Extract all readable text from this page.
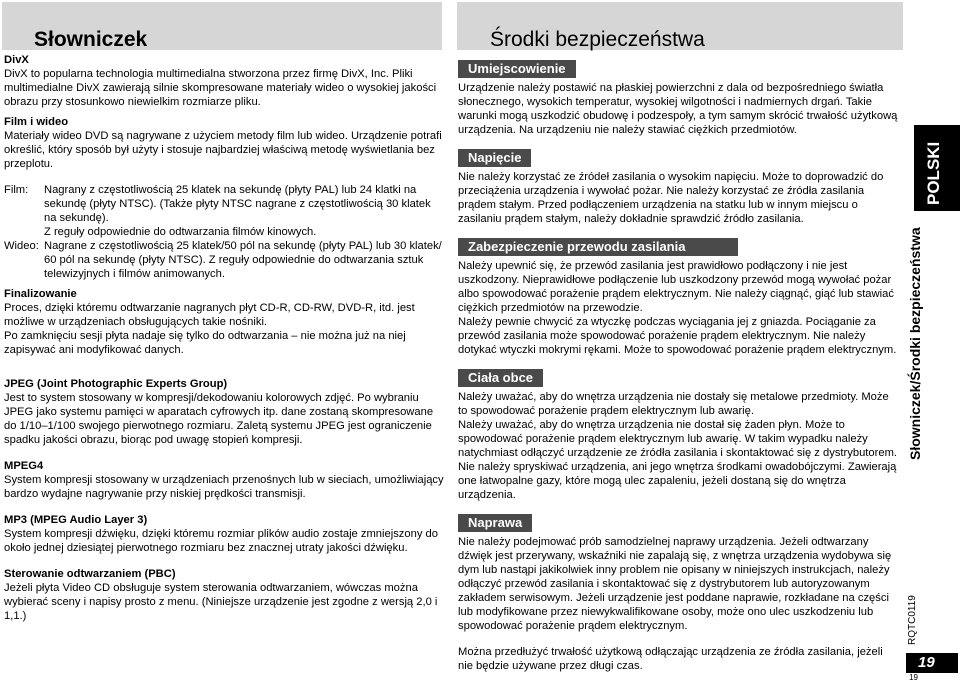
Słowniczek	Środki bezpieczeństwa

DivX

DivX to popularna technologia multimedialna stworzona przez firmę DivX, Inc. Pliki multimedialne DivX zawierają silnie skompresowane materiały wideo o wysokiej jakości obrazu przy stosunkowo niewielkim rozmiarze pliku.

Film i wideo

Materiały wideo DVD są nagrywane z użyciem metody film lub wideo. Urządzenie potrafi określić, który sposób był użyty i stosuje najbardziej właściwą metodę wyświetlania bez przeplotu.

Film:	Nagrany z częstotliwością 25 klatek na sekundę (płyty PAL) lub 24 klatki na sekundę (płyty NTSC). (Także płyty NTSC nagrane z częstotliwością 30 klatek na sekundę).
Z reguły odpowiednie do odtwarzania filmów kinowych.
Wideo: Nagrane z częstotliwością 25 klatek/50 pól na sekundę (płyty PAL) lub 30 klatek/ 60 pól na sekundę (płyty NTSC). Z reguły odpowiednie do odtwarzania sztuk telewizyjnych i filmów animowanych.

Finalizowanie

Proces, dzięki któremu odtwarzanie nagranych płyt CD-R, CD-RW, DVD-R, itd. jest możliwe w urządzeniach obsługujących takie nośniki.

Po zamknięciu sesji płyta nadaje się tylko do odtwarzania – nie można już na niej zapisywać ani modyfikować danych.

JPEG (Joint Photographic Experts Group)

Jest to system stosowany w kompresji/dekodowaniu kolorowych zdjęć. Po wybraniu JPEG jako systemu pamięci w aparatach cyfrowych itp. dane zostaną skompresowane do 1/10–1/100 swojego pierwotnego rozmiaru. Zaletą systemu JPEG jest ograniczenie spadku jakości obrazu, biorąc pod uwagę stopień kompresji.

MPEG4

System kompresji stosowany w urządzeniach przenośnych lub w sieciach, umożliwiający bardzo wydajne nagrywanie przy niskiej prędkości transmisji.

MP3 (MPEG Audio Layer 3)

System kompresji dźwięku, dzięki któremu rozmiar plików audio zostaje zmniejszony do około jednej dziesiątej pierwotnego rozmiaru bez znacznej utraty jakości dźwięku.

Sterowanie odtwarzaniem (PBC)

Jeżeli płyta Video CD obsługuje system sterowania odtwarzaniem, wówczas można wybierać sceny i napisy prosto z menu. (Niniejsze urządzenie jest zgodne z wersją 2,0 i 1,1.)

Umiejscowienie

Urządzenie należy postawić na płaskiej powierzchni z dala od bezpośredniego światła słonecznego, wysokich temperatur, wysokiej wilgotności i nadmiernych drgań. Takie warunki mogą uszkodzić obudowę i podzespoły, a tym samym skrócić trwałość użytkową urządzenia. Na urządzeniu nie należy stawiać ciężkich przedmiotów.

Napięcie

Nie należy korzystać ze źródeł zasilania o wysokim napięciu. Może to doprowadzić do przeciążenia urządzenia i wywołać pożar. Nie należy korzystać ze źródła zasilania prądem stałym. Przed podłączeniem urządzenia na statku lub w innym miejscu o zasilaniu prądem stałym, należy dokładnie sprawdzić źródło zasilania.

Zabezpieczenie przewodu zasilania

Należy upewnić się, że przewód zasilania jest prawidłowo podłączony i nie jest uszkodzony. Nieprawidłowe podłączenie lub uszkodzony przewód mogą wywołać pożar albo spowodować porażenie prądem elektrycznym. Nie należy ciągnąć, giąć lub stawiać ciężkich przedmiotów na przewodzie.

Należy pewnie chwycić za wtyczkę podczas wyciągania jej z gniazda. Pociąganie za przewód zasilania może spowodować porażenie prądem elektrycznym. Nie należy dotykać wtyczki mokrymi rękami. Może to spowodować porażenie prądem elektrycznym.

Ciała obce

Należy uważać, aby do wnętrza urządzenia nie dostały się metalowe przedmioty. Może to spowodować porażenie prądem elektrycznym lub awarię.

Należy uważać, aby do wnętrza urządzenia nie dostał się żaden płyn. Może to spowodować porażenie prądem elektrycznym lub awarię. W takim wypadku należy natychmiast odłączyć urządzenie ze źródła zasilania i skontaktować się z dystrybutorem. Nie należy spryskiwać urządzenia, ani jego wnętrza środkami owadobójczymi. Zawierają one łatwopalne gazy, które mogą ulec zapaleniu, jeżeli dostaną się do wnętrza urządzenia.

Naprawa

Nie należy podejmować prób samodzielnej naprawy urządzenia. Jeżeli odtwarzany dźwięk jest przerywany, wskaźniki nie zapalają się, z wnętrza urządzenia wydobywa się dym lub nastąpi jakikolwiek inny problem nie opisany w niniejszych instrukcjach, należy odłączyć przewód zasilania i skontaktować się z dystrybutorem lub autoryzowanym zakładem serwisowym. Jeżeli urządzenie jest poddane naprawie, rozkładane na części lub modyfikowane przez niewykwalifikowane osoby, może ono ulec uszkodzeniu lub spowodować porażenie prądem elektrycznym.

Można przedłużyć trwałość użytkową odłączając urządzenia ze źródła zasilania, jeżeli nie będzie używane przez długi czas.

POLSKI
Słowniczek/Środki bezpieczeństwa
RQTC0119
19
19
